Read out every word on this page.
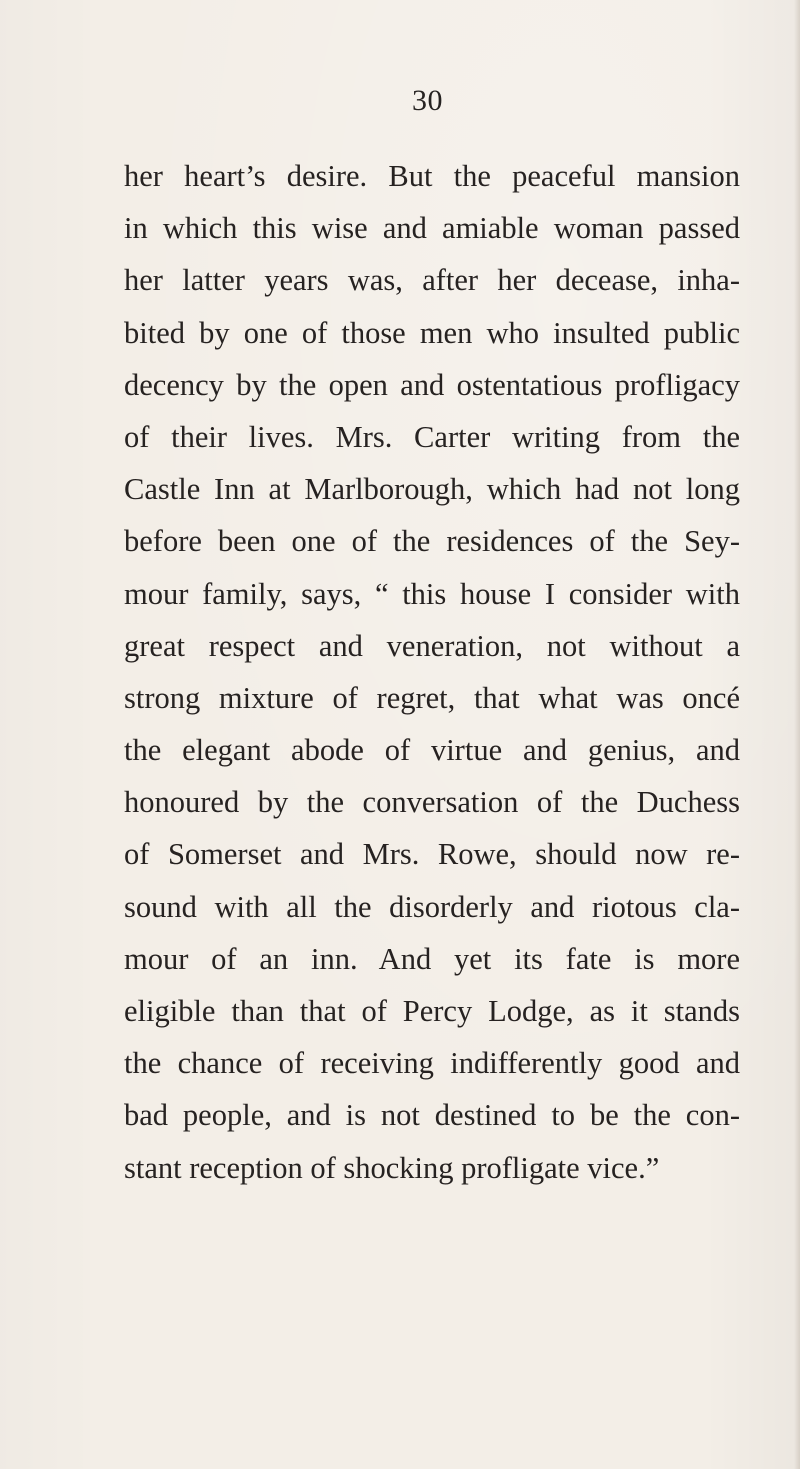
30
her heart’s desire. But the peaceful mansion
in which this wise and amiable woman passed
her latter years was, after her decease, inha-
bited by one of those men who insulted public
decency by the open and ostentatious profligacy
of their lives. Mrs. Carter writing from the
Castle Inn at Marlborough, which had not long
before been one of the residences of the Sey-
mour family, says, “ this house I consider with
great respect and veneration, not without a
strong mixture of regret, that what was oncé
the elegant abode of virtue and genius, and
honoured by the conversation of the Duchess
of Somerset and Mrs. Rowe, should now re-
sound with all the disorderly and riotous cla-
mour of an inn. And yet its fate is more
eligible than that of Percy Lodge, as it stands
the chance of receiving indifferently good and
bad people, and is not destined to be the con-
stant reception of shocking profligate vice.”
